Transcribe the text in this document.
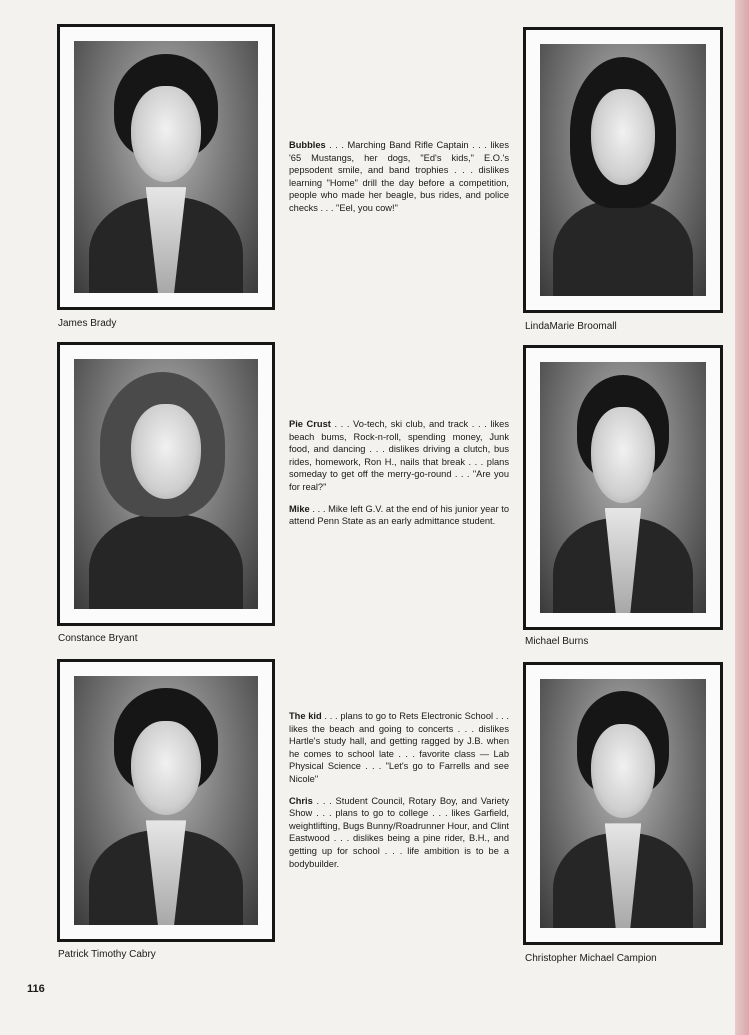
James Brady

Bubbles . . . Marching Band Rifle Captain . . . likes '65 Mustangs, her dogs, "Ed's kids," E.O.'s pepsodent smile, and band trophies . . . dislikes learning "Home" drill the day before a competition, people who made her beagle, bus rides, and police checks . . . "Eel, you cow!"

LindaMarie Broomall
Constance Bryant

Pie Crust . . . Vo-tech, ski club, and track . . . likes beach bums, Rock-n-roll, spending money, Junk food, and dancing . . . dislikes driving a clutch, bus rides, homework, Ron H., nails that break . . . plans someday to get off the merry-go-round . . . "Are you for real?"

Mike . . . Mike left G.V. at the end of his junior year to attend Penn State as an early admittance student.

Michael Burns
Patrick Timothy Cabry

The kid . . . plans to go to Rets Electronic School . . . likes the beach and going to concerts . . . dislikes Hartle's study hall, and getting ragged by J.B. when he comes to school late . . . favorite class — Lab Physical Science . . . "Let's go to Farrells and see Nicole"

Chris . . . Student Council, Rotary Boy, and Variety Show . . . plans to go to college . . . likes Garfield, weightlifting, Bugs Bunny/Roadrunner Hour, and Clint Eastwood . . . dislikes being a pine rider, B.H., and getting up for school . . . life ambition is to be a bodybuilder.

Christopher Michael Campion
116
